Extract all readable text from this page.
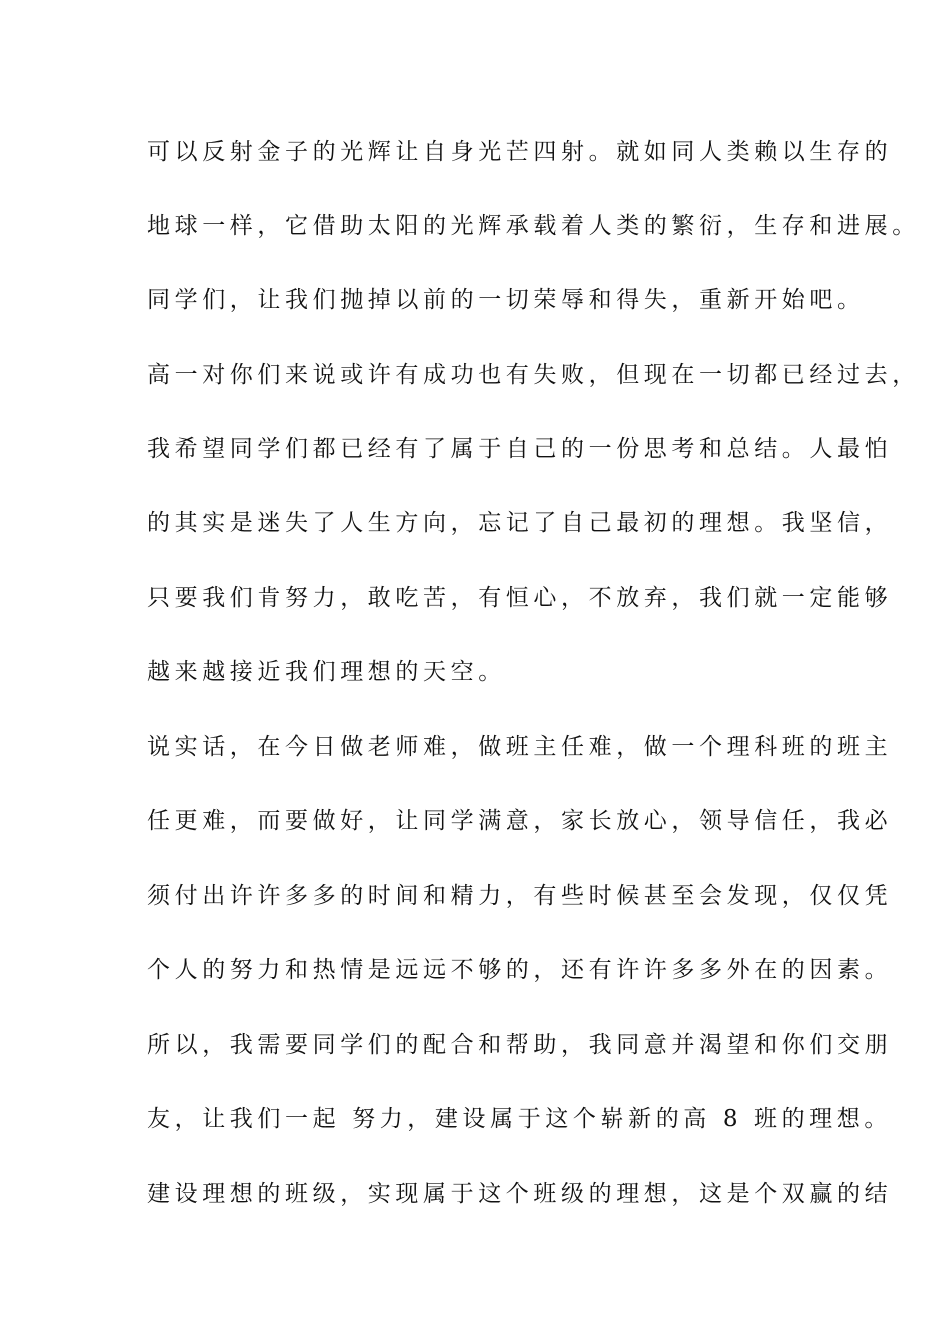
可以反射金子的光辉让自身光芒四射。就如同人类赖以生存的
地球一样，它借助太阳的光辉承载着人类的繁衍，生存和进展。
同学们，让我们抛掉以前的一切荣辱和得失，重新开始吧。
高一对你们来说或许有成功也有失败，但现在一切都已经过去，
我希望同学们都已经有了属于自己的一份思考和总结。人最怕
的其实是迷失了人生方向，忘记了自己最初的理想。我坚信，
只要我们肯努力，敢吃苦，有恒心，不放弃，我们就一定能够
越来越接近我们理想的天空。
说实话，在今日做老师难，做班主任难，做一个理科班的班主
任更难，而要做好，让同学满意，家长放心，领导信任，我必
须付出许许多多的时间和精力，有些时候甚至会发现，仅仅凭
个人的努力和热情是远远不够的，还有许许多多外在的因素。
所以，我需要同学们的配合和帮助，我同意并渴望和你们交朋
友，让我们一起 努力，建设属于这个崭新的高 8 班的理想。
建设理想的班级，实现属于这个班级的理想，这是个双赢的结
